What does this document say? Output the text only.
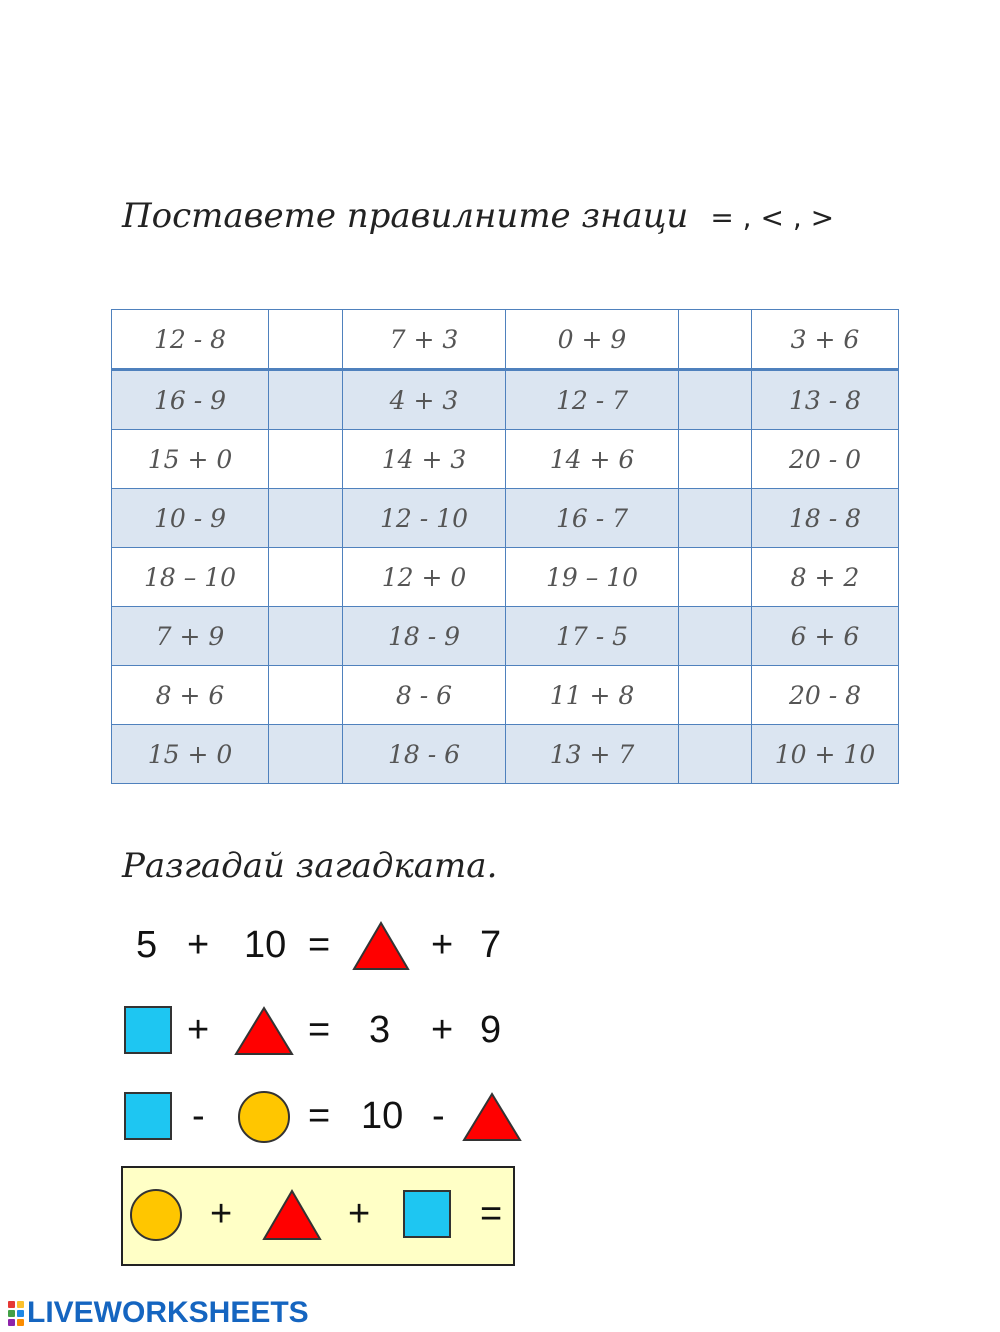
Поставете правилните знаци = , < , >
12 - 8		7 + 3	0 + 9		3 + 6
16 - 9		4 + 3	12 - 7		13 - 8
15 + 0		14 + 3	14 + 6		20 - 0
10 - 9		12 - 10	16 - 7		18 - 8
18 – 10		12 + 0	19 – 10		8 + 2
7 + 9		18 - 9	17 - 5		6 + 6
8 + 6		8 - 6	11 + 8		20 - 8
15 + 0		18 - 6	13 + 7		10 + 10
Разгадай загадката.
5 + 10 =	+ 7
+	= 3 + 9
-	= 10 -
+	+	=
LIVEWORKSHEETS
